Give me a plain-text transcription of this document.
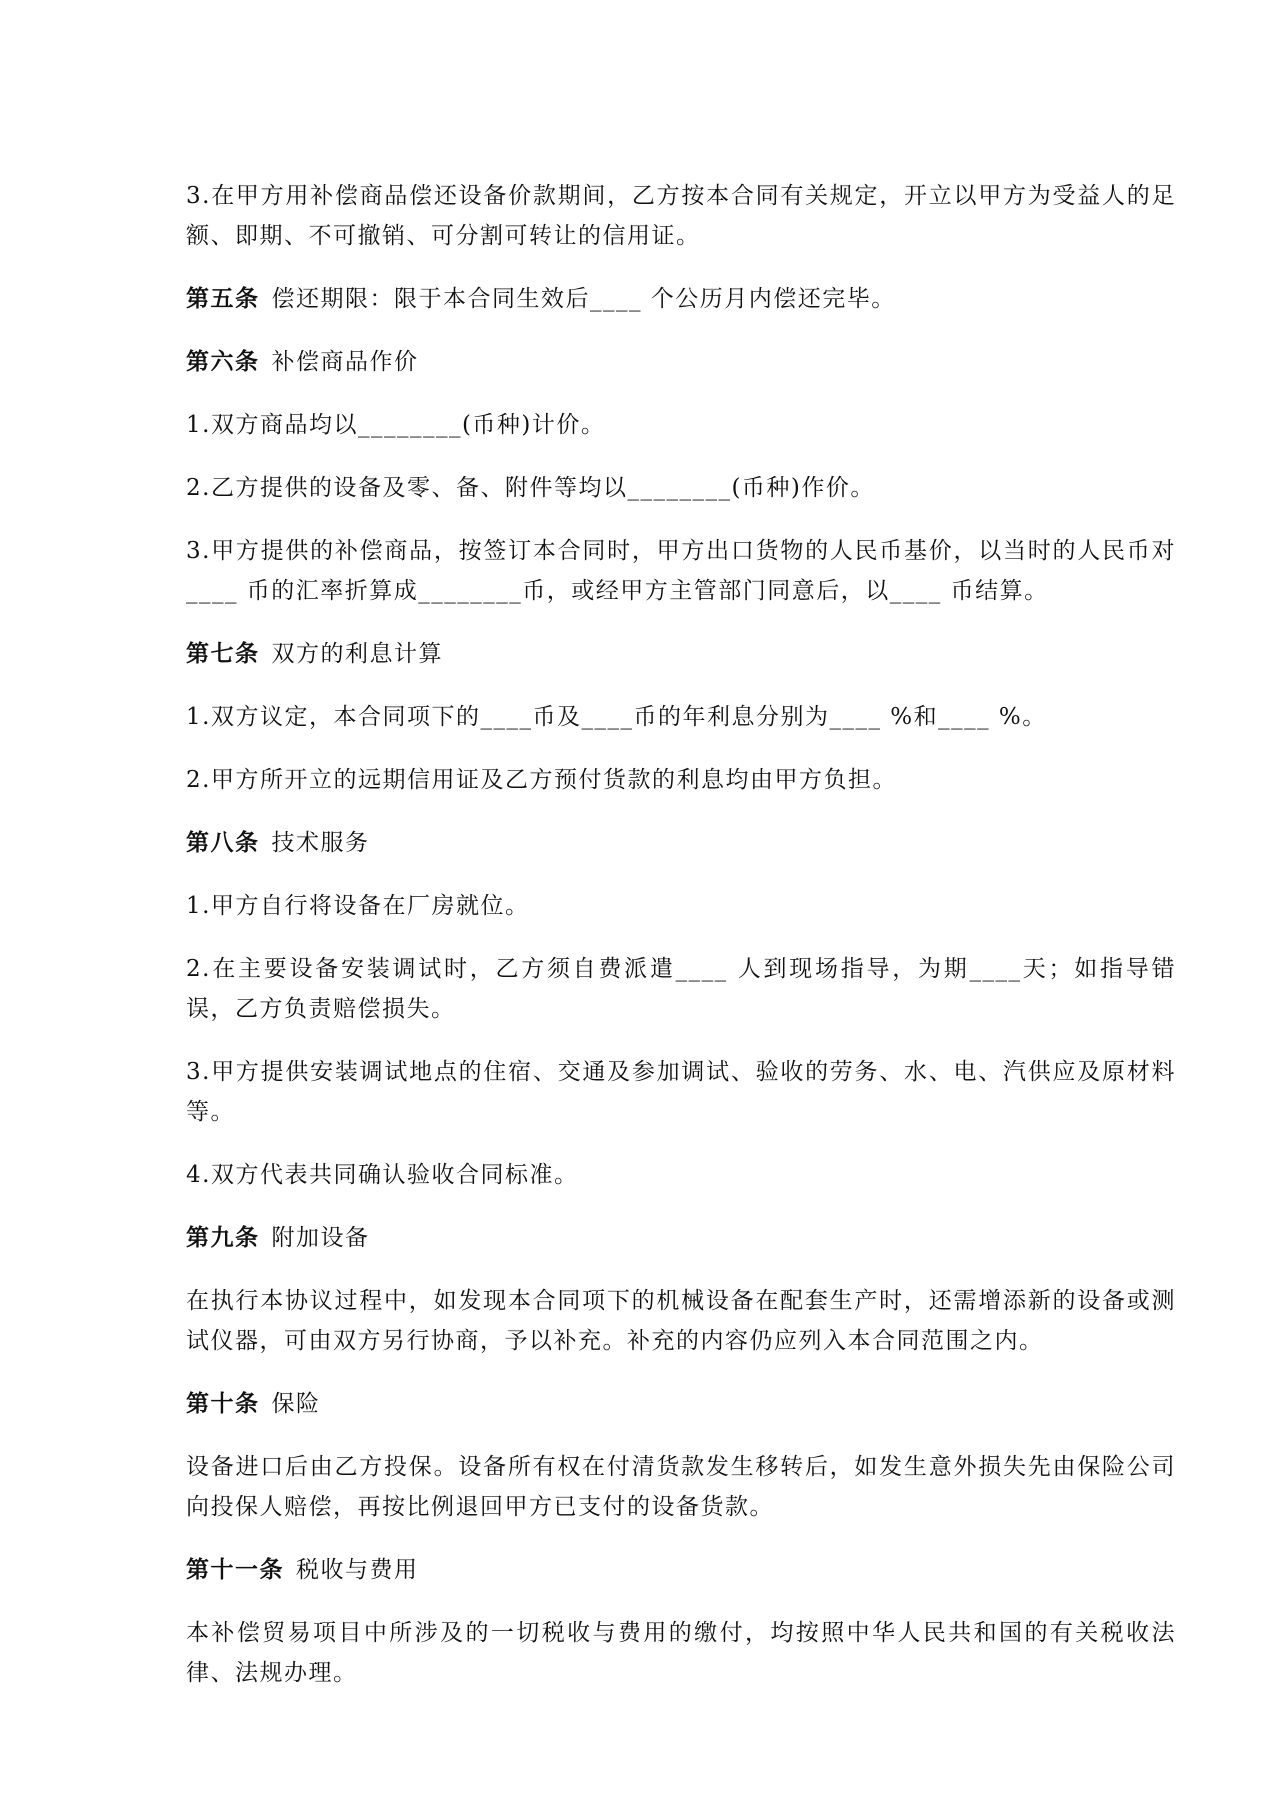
3.在甲方用补偿商品偿还设备价款期间，乙方按本合同有关规定，开立以甲方为受益人的足额、即期、不可撤销、可分割可转让的信用证。

第五条 偿还期限：限于本合同生效后____ 个公历月内偿还完毕。

第六条 补偿商品作价

1.双方商品均以________(币种)计价。

2.乙方提供的设备及零、备、附件等均以________(币种)作价。

3.甲方提供的补偿商品，按签订本合同时，甲方出口货物的人民币基价，以当时的人民币对____ 币的汇率折算成________币，或经甲方主管部门同意后，以____ 币结算。

第七条 双方的利息计算

1.双方议定，本合同项下的____币及____币的年利息分别为____ %和____ %。

2.甲方所开立的远期信用证及乙方预付货款的利息均由甲方负担。

第八条 技术服务

1.甲方自行将设备在厂房就位。

2.在主要设备安装调试时，乙方须自费派遣____ 人到现场指导，为期____天；如指导错误，乙方负责赔偿损失。

3.甲方提供安装调试地点的住宿、交通及参加调试、验收的劳务、水、电、汽供应及原材料等。

4.双方代表共同确认验收合同标准。

第九条 附加设备

在执行本协议过程中，如发现本合同项下的机械设备在配套生产时，还需增添新的设备或测试仪器，可由双方另行协商，予以补充。补充的内容仍应列入本合同范围之内。

第十条 保险

设备进口后由乙方投保。设备所有权在付清货款发生移转后，如发生意外损失先由保险公司向投保人赔偿，再按比例退回甲方已支付的设备货款。

第十一条 税收与费用

本补偿贸易项目中所涉及的一切税收与费用的缴付，均按照中华人民共和国的有关税收法律、法规办理。
